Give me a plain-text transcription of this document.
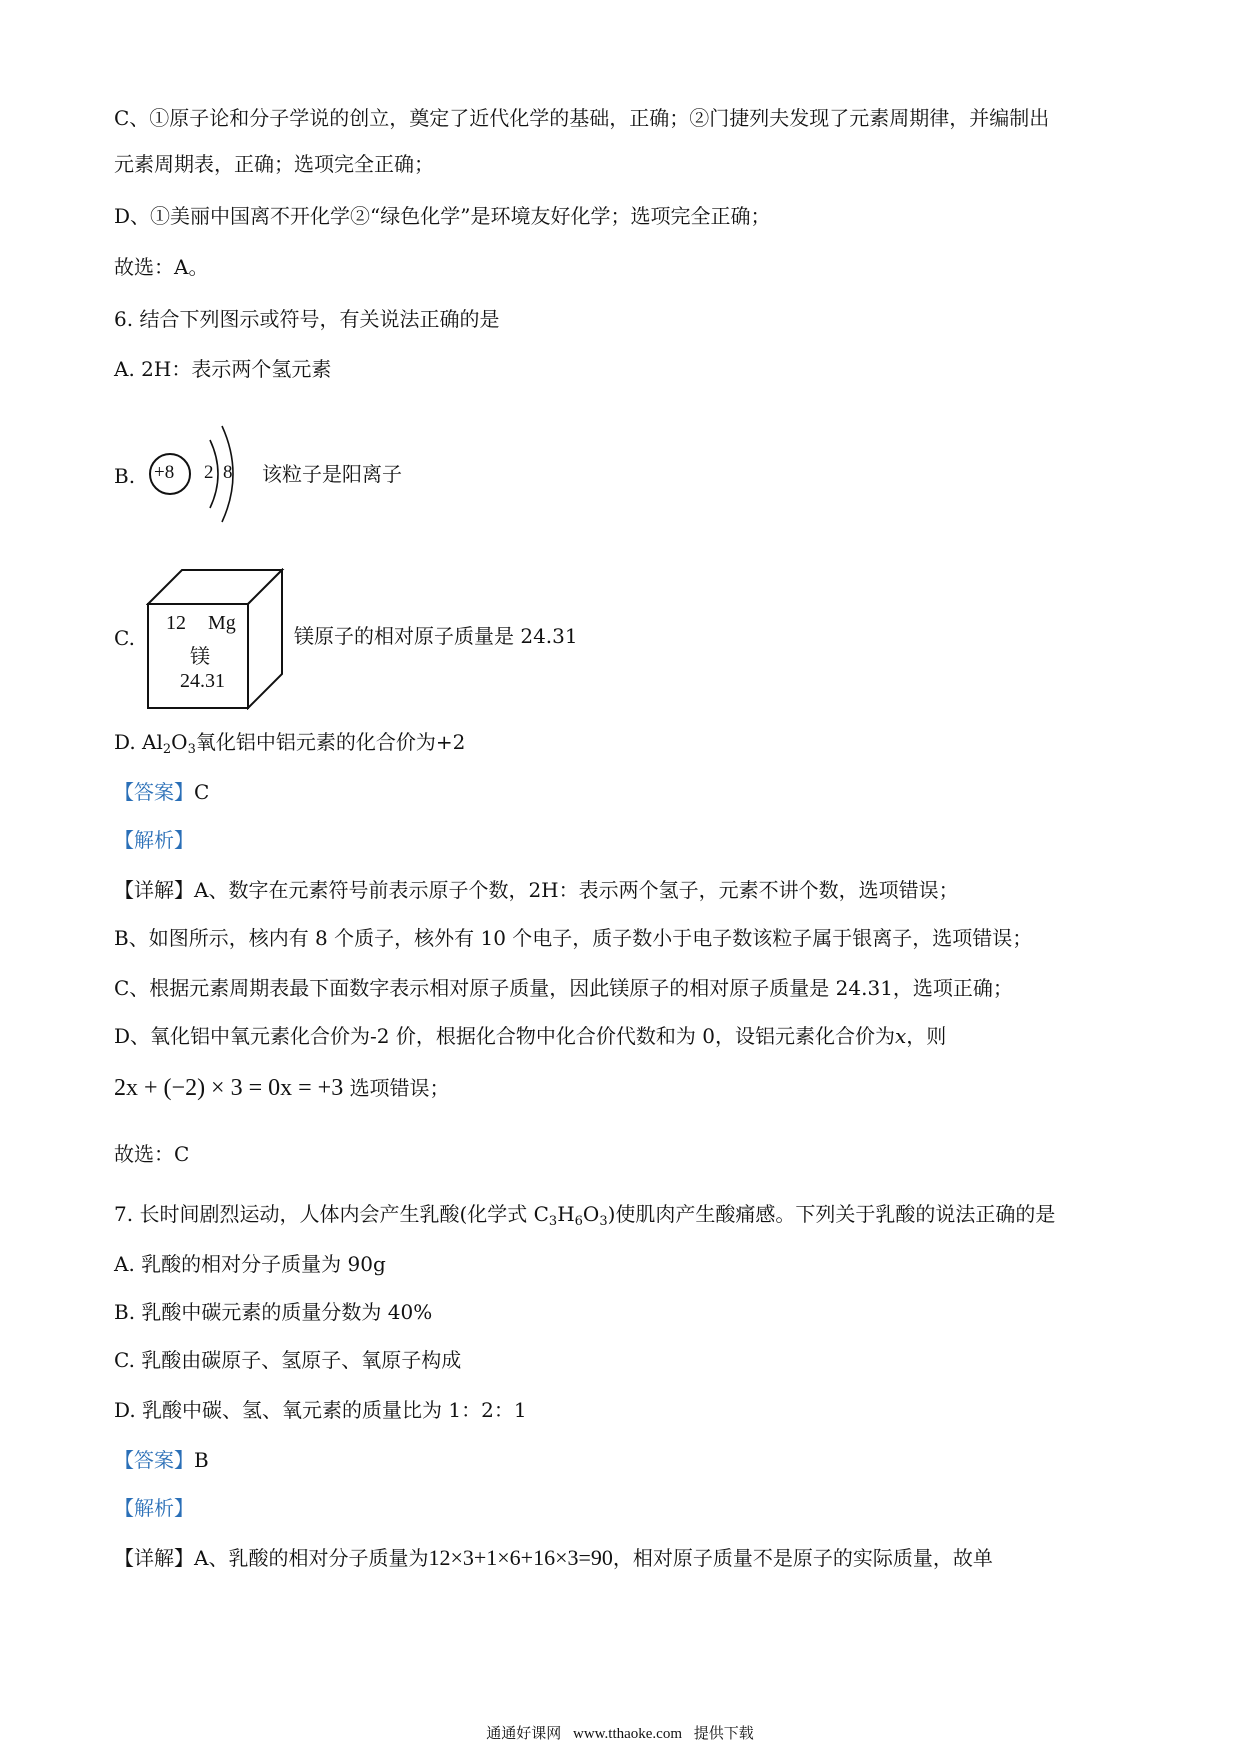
C、①原子论和分子学说的创立，奠定了近代化学的基础，正确；②门捷列夫发现了元素周期律，并编制出
元素周期表，正确；选项完全正确；
D、①美丽中国离不开化学②“绿色化学”是环境友好化学；选项完全正确；
故选：A。
6. 结合下列图示或符号，有关说法正确的是
A. 2H：表示两个氢元素
B. +8 2 8 该粒子是阳离子
C.
12 Mg
镁
24.31
镁原子的相对原子质量是 24.31
D. $Al_2O_3$氧化铝中铝元素的化合价为+2
【答案】C
【解析】
【详解】A、数字在元素符号前表示原子个数，2H：表示两个氢子，元素不讲个数，选项错误；
B、如图所示，核内有 8 个质子，核外有 10 个电子，质子数小于电子数该粒子属于银离子，选项错误；
C、根据元素周期表最下面数字表示相对原子质量，因此镁原子的相对原子质量是 24.31，选项正确；
D、氧化铝中氧元素化合价为-2 价，根据化合物中化合价代数和为 0，设铝元素化合价为x，则
2x + (−2) × 3 = 0x = +3 选项错误；
故选：C
7. 长时间剧烈运动，人体内会产生乳酸(化学式 $C_3H_6O_3$)使肌肉产生酸痛感。下列关于乳酸的说法正确的是
A. 乳酸的相对分子质量为 90g
B. 乳酸中碳元素的质量分数为 40%
C. 乳酸由碳原子、氢原子、氧原子构成
D. 乳酸中碳、氢、氧元素的质量比为 1：2：1
【答案】B
【解析】
【详解】A、乳酸的相对分子质量为12×3+1×6+16×3=90，相对原子质量不是原子的实际质量，故单
通通好课网 www.tthaoke.com 提供下载
